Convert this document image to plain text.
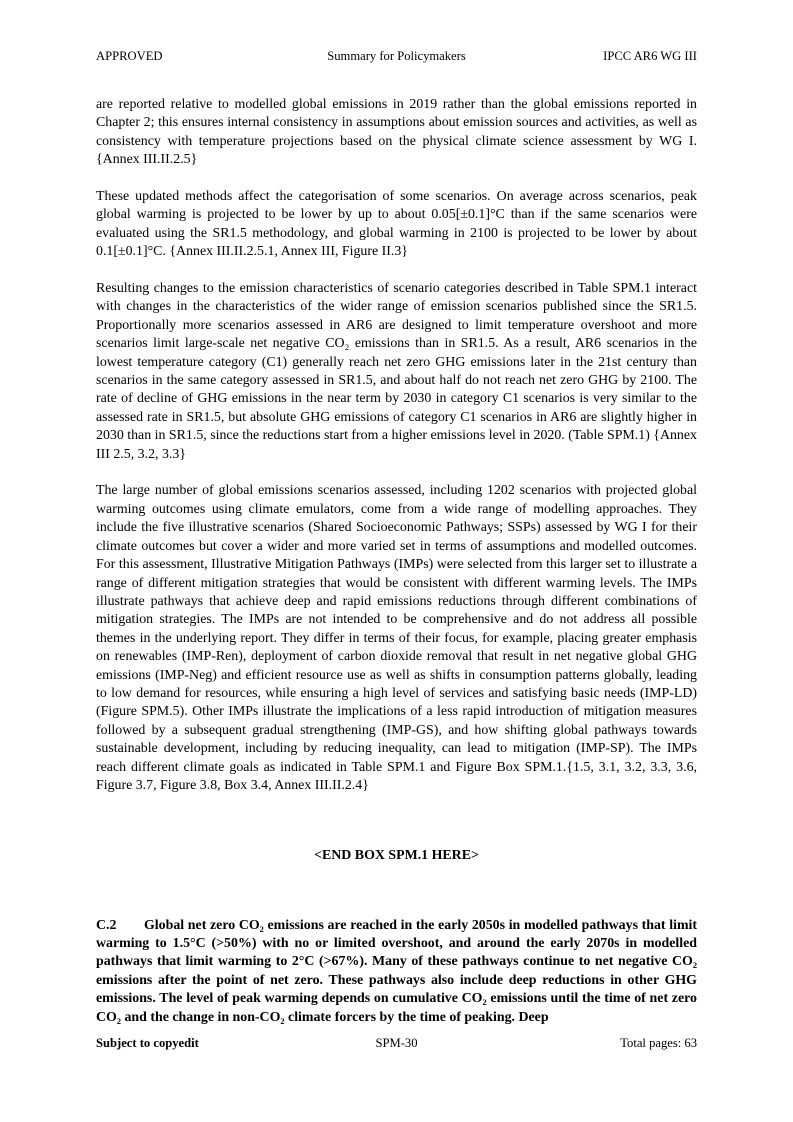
APPROVED	Summary for Policymakers	IPCC AR6 WG III

are reported relative to modelled global emissions in 2019 rather than the global emissions reported in Chapter 2; this ensures internal consistency in assumptions about emission sources and activities, as well as consistency with temperature projections based on the physical climate science assessment by WG I. {Annex III.II.2.5}

These updated methods affect the categorisation of some scenarios. On average across scenarios, peak global warming is projected to be lower by up to about 0.05[±0.1]°C than if the same scenarios were evaluated using the SR1.5 methodology, and global warming in 2100 is projected to be lower by about 0.1[±0.1]°C. {Annex III.II.2.5.1, Annex III, Figure II.3}

Resulting changes to the emission characteristics of scenario categories described in Table SPM.1 interact with changes in the characteristics of the wider range of emission scenarios published since the SR1.5. Proportionally more scenarios assessed in AR6 are designed to limit temperature overshoot and more scenarios limit large-scale net negative CO₂ emissions than in SR1.5. As a result, AR6 scenarios in the lowest temperature category (C1) generally reach net zero GHG emissions later in the 21st century than scenarios in the same category assessed in SR1.5, and about half do not reach net zero GHG by 2100. The rate of decline of GHG emissions in the near term by 2030 in category C1 scenarios is very similar to the assessed rate in SR1.5, but absolute GHG emissions of category C1 scenarios in AR6 are slightly higher in 2030 than in SR1.5, since the reductions start from a higher emissions level in 2020. (Table SPM.1) {Annex III 2.5, 3.2, 3.3}

The large number of global emissions scenarios assessed, including 1202 scenarios with projected global warming outcomes using climate emulators, come from a wide range of modelling approaches. They include the five illustrative scenarios (Shared Socioeconomic Pathways; SSPs) assessed by WG I for their climate outcomes but cover a wider and more varied set in terms of assumptions and modelled outcomes. For this assessment, Illustrative Mitigation Pathways (IMPs) were selected from this larger set to illustrate a range of different mitigation strategies that would be consistent with different warming levels. The IMPs illustrate pathways that achieve deep and rapid emissions reductions through different combinations of mitigation strategies. The IMPs are not intended to be comprehensive and do not address all possible themes in the underlying report. They differ in terms of their focus, for example, placing greater emphasis on renewables (IMP-Ren), deployment of carbon dioxide removal that result in net negative global GHG emissions (IMP-Neg) and efficient resource use as well as shifts in consumption patterns globally, leading to low demand for resources, while ensuring a high level of services and satisfying basic needs (IMP-LD) (Figure SPM.5). Other IMPs illustrate the implications of a less rapid introduction of mitigation measures followed by a subsequent gradual strengthening (IMP-GS), and how shifting global pathways towards sustainable development, including by reducing inequality, can lead to mitigation (IMP-SP). The IMPs reach different climate goals as indicated in Table SPM.1 and Figure Box SPM.1.{1.5, 3.1, 3.2, 3.3, 3.6, Figure 3.7, Figure 3.8, Box 3.4, Annex III.II.2.4}

<END BOX SPM.1 HERE>

C.2 Global net zero CO₂ emissions are reached in the early 2050s in modelled pathways that limit warming to 1.5°C (>50%) with no or limited overshoot, and around the early 2070s in modelled pathways that limit warming to 2°C (>67%). Many of these pathways continue to net negative CO₂ emissions after the point of net zero. These pathways also include deep reductions in other GHG emissions. The level of peak warming depends on cumulative CO₂ emissions until the time of net zero CO₂ and the change in non-CO₂ climate forcers by the time of peaking. Deep

Subject to copyedit	SPM-30	Total pages: 63
